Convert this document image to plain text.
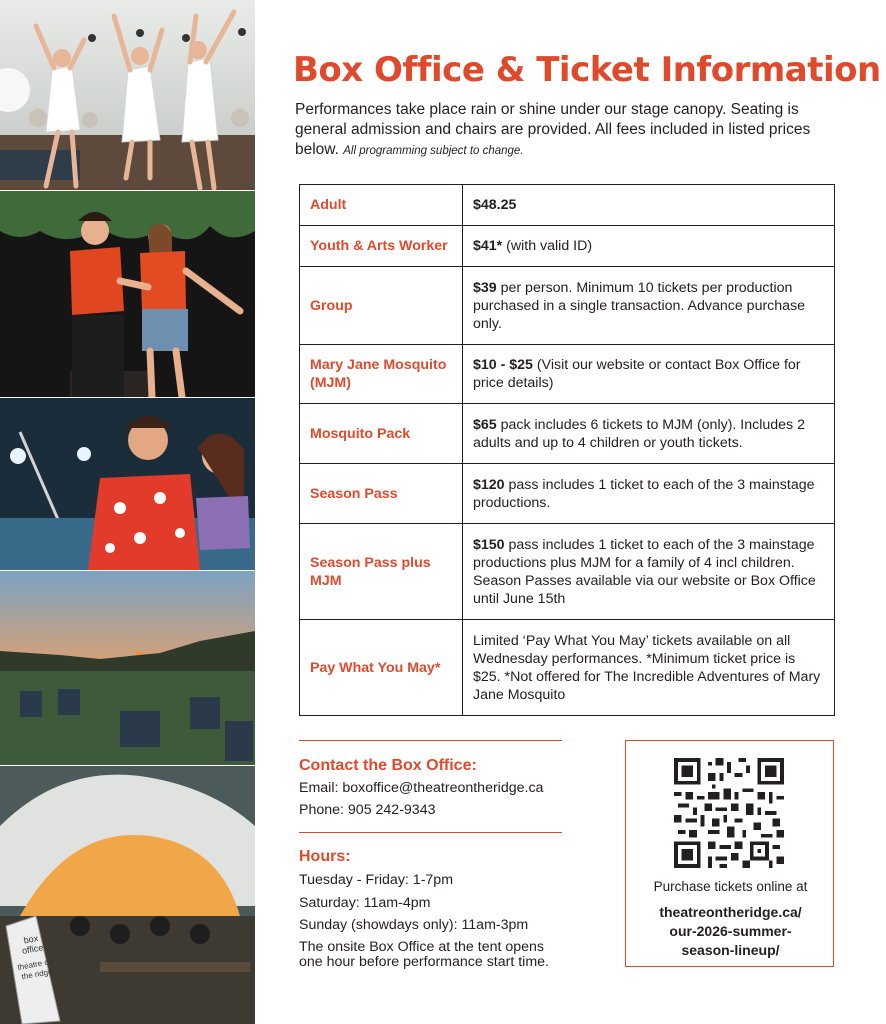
box
office
theatre on the ridge
Box Office & Ticket Information
Performances take place rain or shine under our stage canopy. Seating is general admission and chairs are provided. All fees included in listed prices below. All programming subject to change.
Adult	$48.25
Youth & Arts Worker	$41* (with valid ID)
Group	$39 per person. Minimum 10 tickets per production purchased in a single transaction. Advance purchase only.
Mary Jane Mosquito (MJM)	$10 - $25 (Visit our website or contact Box Office for price details)
Mosquito Pack	$65 pack includes 6 tickets to MJM (only). Includes 2 adults and up to 4 children or youth tickets.
Season Pass	$120 pass includes 1 ticket to each of the 3 mainstage productions.
Season Pass plus MJM	$150 pass includes 1 ticket to each of the 3 mainstage productions plus MJM for a family of 4 incl children. Season Passes available via our website or Box Office until June 15th
Pay What You May*	Limited ‘Pay What You May’ tickets available on all Wednesday performances. *Minimum ticket price is $25. *Not offered for The Incredible Adventures of Mary Jane Mosquito
Contact the Box Office:
Email: boxoffice@theatreontheridge.ca
Phone: 905 242-9343
Hours:
Tuesday - Friday: 1-7pm
Saturday: 11am-4pm
Sunday (showdays only): 11am-3pm
The onsite Box Office at the tent opens one hour before performance start time.
Purchase tickets online at
theatreontheridge.ca/
our-2026-summer-
season-lineup/
